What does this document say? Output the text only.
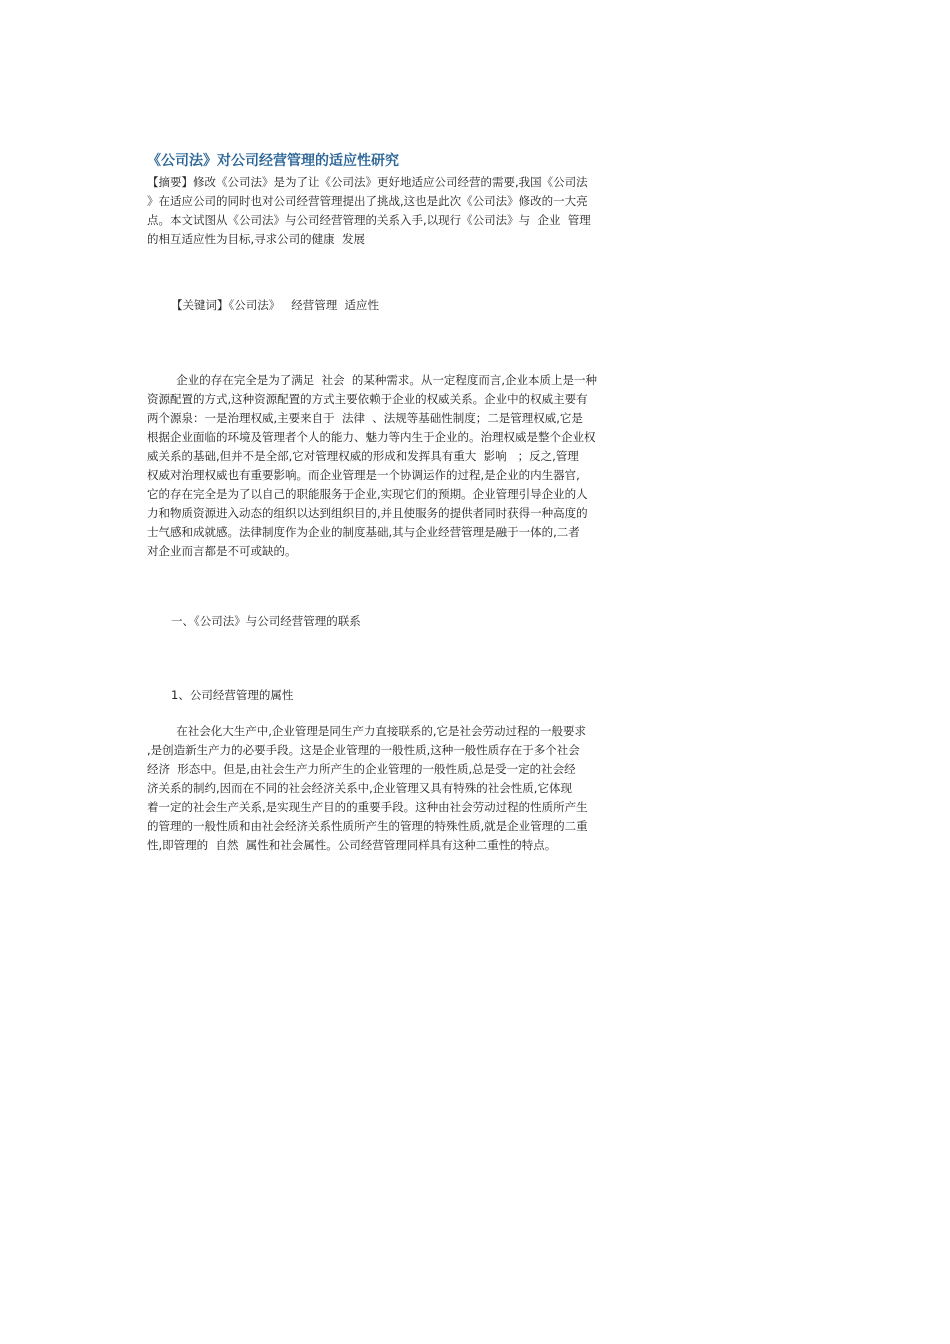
《公司法》对公司经营管理的适应性研究
【摘要】修改《公司法》是为了让《公司法》更好地适应公司经营的需要,我国《公司法
》在适应公司的同时也对公司经营管理提出了挑战,这也是此次《公司法》修改的一大亮
点。本文试图从《公司法》与公司经营管理的关系入手,以现行《公司法》与  企业  管理
的相互适应性为目标,寻求公司的健康  发展

【关键词】《公司法》   经营管理  适应性

企业的存在完全是为了满足  社会  的某种需求。从一定程度而言,企业本质上是一种
资源配置的方式,这种资源配置的方式主要依赖于企业的权威关系。企业中的权威主要有
两个源泉：一是治理权威,主要来自于  法律  、法规等基础性制度；二是管理权威,它是
根据企业面临的环境及管理者个人的能力、魅力等内生于企业的。治理权威是整个企业权
威关系的基础,但并不是全部,它对管理权威的形成和发挥具有重大  影响   ；反之,管理
权威对治理权威也有重要影响。而企业管理是一个协调运作的过程,是企业的内生器官,
它的存在完全是为了以自己的职能服务于企业,实现它们的预期。企业管理引导企业的人
力和物质资源进入动态的组织以达到组织目的,并且使服务的提供者同时获得一种高度的
士气感和成就感。法律制度作为企业的制度基础,其与企业经营管理是融于一体的,二者
对企业而言都是不可或缺的。

一、《公司法》与公司经营管理的联系

1、公司经营管理的属性

在社会化大生产中,企业管理是同生产力直接联系的,它是社会劳动过程的一般要求
,是创造新生产力的必要手段。这是企业管理的一般性质,这种一般性质存在于多个社会
经济  形态中。但是,由社会生产力所产生的企业管理的一般性质,总是受一定的社会经
济关系的制约,因而在不同的社会经济关系中,企业管理又具有特殊的社会性质,它体现
着一定的社会生产关系,是实现生产目的的重要手段。这种由社会劳动过程的性质所产生
的管理的一般性质和由社会经济关系性质所产生的管理的特殊性质,就是企业管理的二重
性,即管理的  自然  属性和社会属性。公司经营管理同样具有这种二重性的特点。
